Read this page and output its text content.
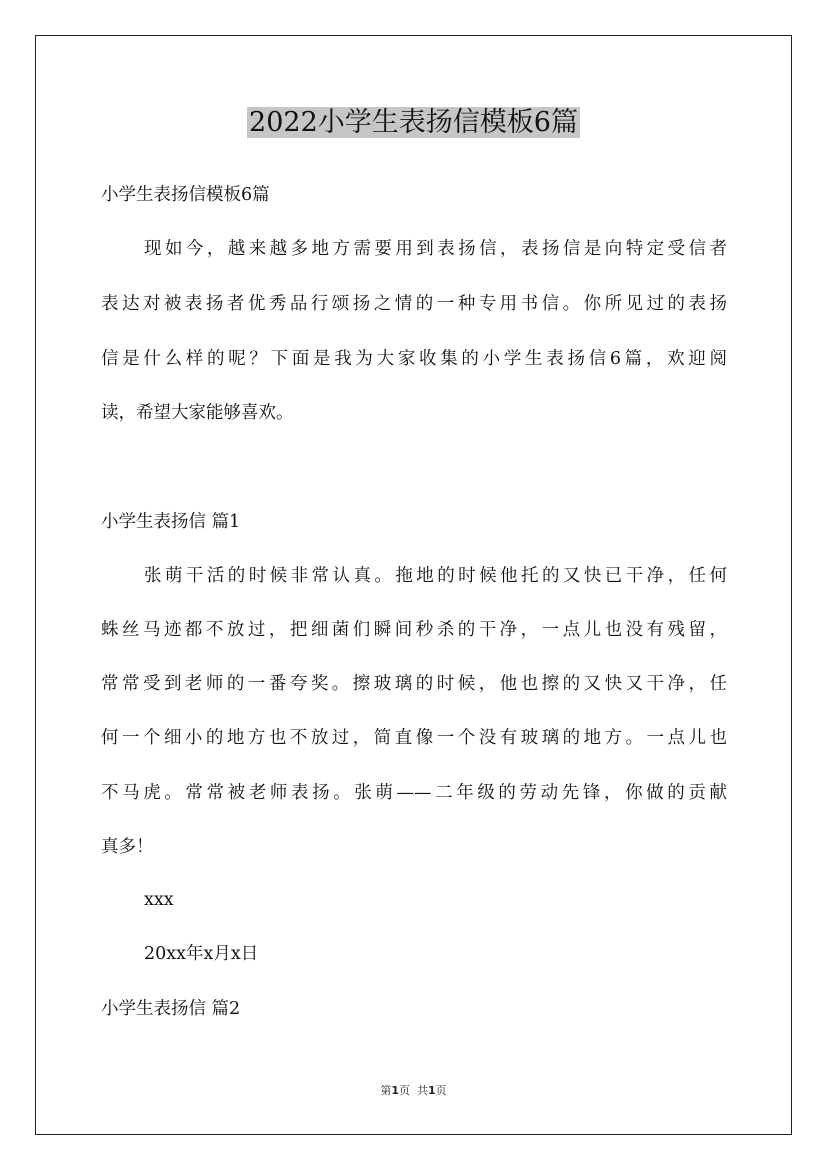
2022小学生表扬信模板6篇

小学生表扬信模板6篇

现如今，越来越多地方需要用到表扬信，表扬信是向特定受信者

表达对被表扬者优秀品行颂扬之情的一种专用书信。你所见过的表扬

信是什么样的呢？下面是我为大家收集的小学生表扬信6篇，欢迎阅

读，希望大家能够喜欢。

小学生表扬信 篇1

张萌干活的时候非常认真。拖地的时候他托的又快已干净，任何

蛛丝马迹都不放过，把细菌们瞬间秒杀的干净，一点儿也没有残留，

常常受到老师的一番夸奖。擦玻璃的时候，他也擦的又快又干净，任

何一个细小的地方也不放过，简直像一个没有玻璃的地方。一点儿也

不马虎。常常被老师表扬。张萌——二年级的劳动先锋，你做的贡献

真多！

xxx

20xx年x月x日

小学生表扬信 篇2

第1页  共1页
